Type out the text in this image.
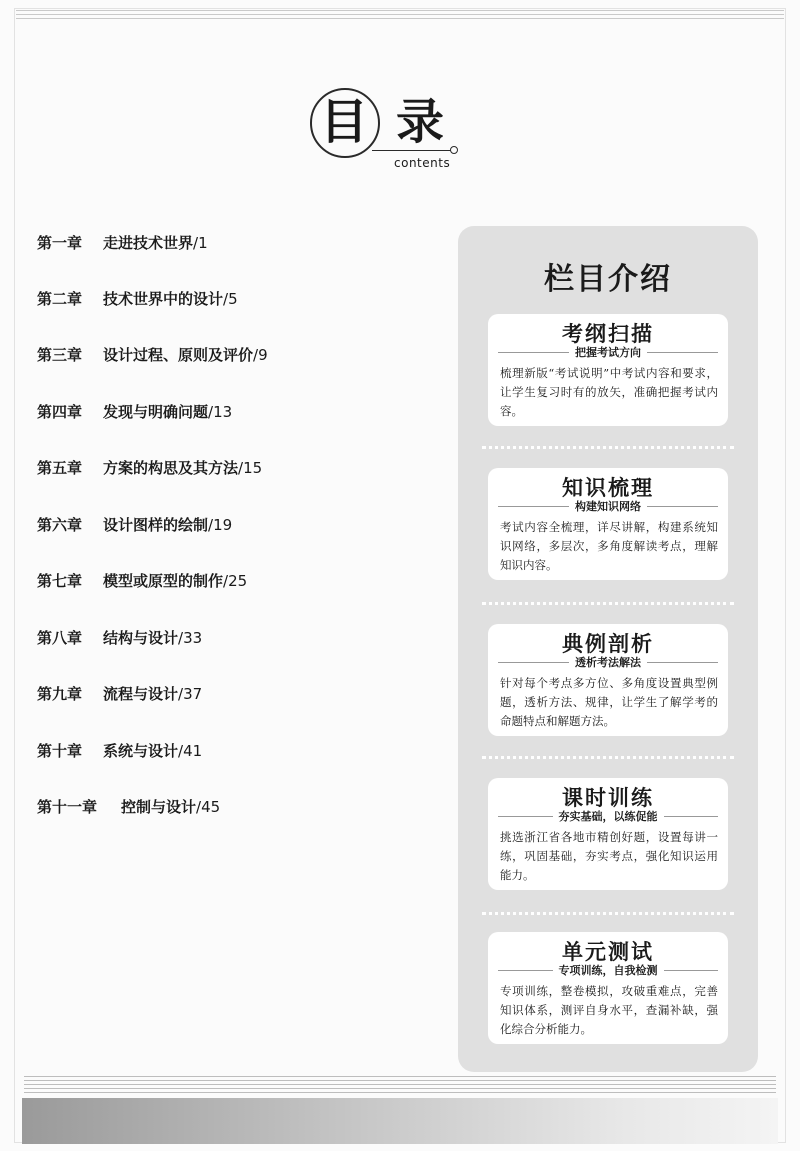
目 录
contents
第一章 走进技术世界/1
第二章 技术世界中的设计/5
第三章 设计过程、原则及评价/9
第四章 发现与明确问题/13
第五章 方案的构思及其方法/15
第六章 设计图样的绘制/19
第七章 模型或原型的制作/25
第八章 结构与设计/33
第九章 流程与设计/37
第十章 系统与设计/41
第十一章 控制与设计/45
栏目介绍
考纲扫描
把握考试方向
梳理新版“考试说明”中考试内容和要求，让学生复习时有的放矢，准确把握考试内容。
知识梳理
构建知识网络
考试内容全梳理，详尽讲解，构建系统知识网络，多层次，多角度解读考点，理解知识内容。
典例剖析
透析考法解法
针对每个考点多方位、多角度设置典型例题，透析方法、规律，让学生了解学考的命题特点和解题方法。
课时训练
夯实基础，以练促能
挑选浙江省各地市精创好题，设置每讲一练，巩固基础，夯实考点，强化知识运用能力。
单元测试
专项训练，自我检测
专项训练，整卷模拟，攻破重难点，完善知识体系，测评自身水平，查漏补缺，强化综合分析能力。
